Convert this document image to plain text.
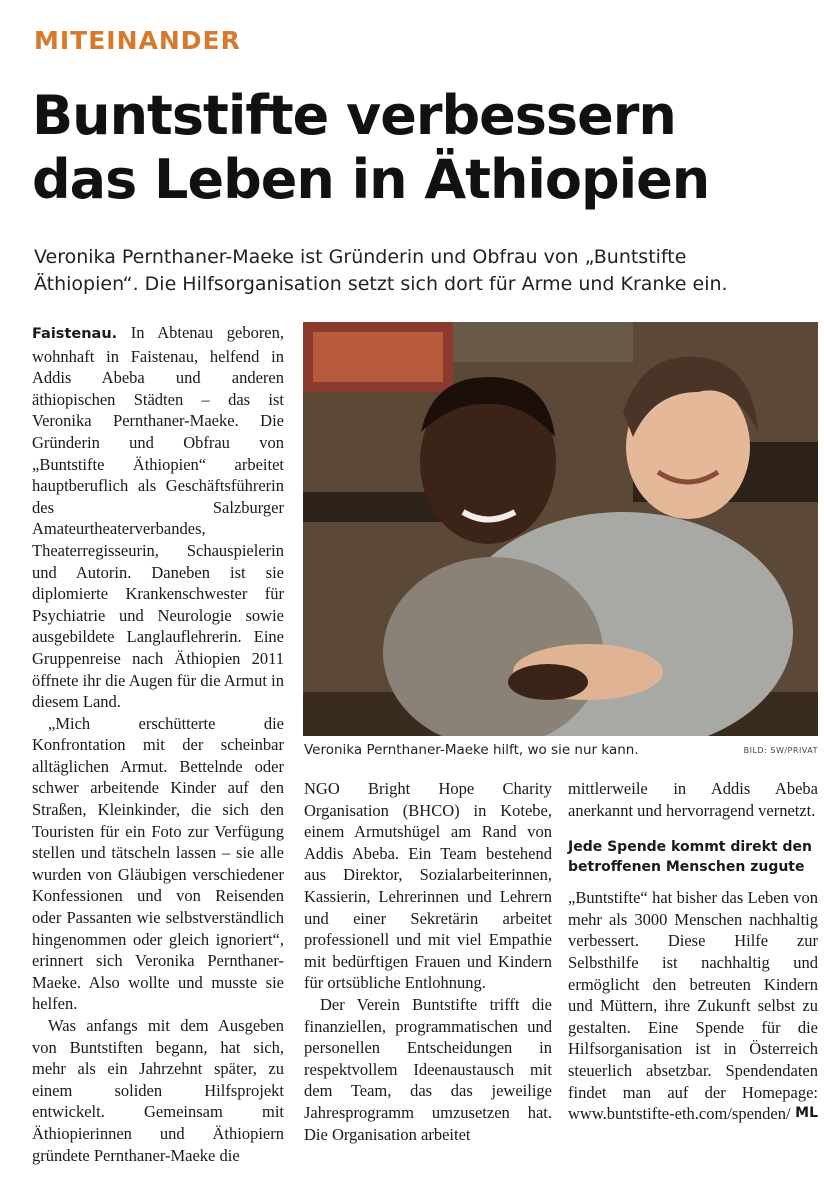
MITEINANDER
Buntstifte verbessern
das Leben in Äthiopien
Veronika Pernthaner-Maeke ist Gründerin und Obfrau von „Buntstifte
Äthiopien“. Die Hilfsorganisation setzt sich dort für Arme und Kranke ein.

Faistenau. In Abtenau geboren, wohnhaft in Faistenau, helfend in Addis Abeba und anderen äthiopischen Städten – das ist Veronika Pernthaner-Maeke. Die Gründerin und Obfrau von „Buntstifte Äthiopien“ arbeitet hauptberuflich als Geschäftsführerin des Salzburger Amateurtheaterverbandes, Theaterregisseurin, Schauspielerin und Autorin. Daneben ist sie diplomierte Krankenschwester für Psychiatrie und Neurologie sowie ausgebildete Langlauflehrerin. Eine Gruppenreise nach Äthiopien 2011 öffnete ihr die Augen für die Armut in diesem Land.

„Mich erschütterte die Konfrontation mit der scheinbar alltäglichen Armut. Bettelnde oder schwer arbeitende Kinder auf den Straßen, Kleinkinder, die sich den Touristen für ein Foto zur Verfügung stellen und tätscheln lassen – sie alle wurden von Gläubigen verschiedener Konfessionen und von Reisenden oder Passanten wie selbstverständlich hingenommen oder gleich ignoriert“, erinnert sich Veronika Pernthaner-Maeke. Also wollte und musste sie helfen.

Was anfangs mit dem Ausgeben von Buntstiften begann, hat sich, mehr als ein Jahrzehnt später, zu einem soliden Hilfsprojekt entwickelt. Gemeinsam mit Äthiopierinnen und Äthiopiern gründete Pernthaner-Maeke die

Veronika Pernthaner-Maeke hilft, wo sie nur kann.	BILD: SW/PRIVAT

NGO Bright Hope Charity Organisation (BHCO) in Kotebe, einem Armutshügel am Rand von Addis Abeba. Ein Team bestehend aus Direktor, Sozialarbeiterinnen, Kassierin, Lehrerinnen und Lehrern und einer Sekretärin arbeitet professionell und mit viel Empathie mit bedürftigen Frauen und Kindern für ortsübliche Entlohnung.

Der Verein Buntstifte trifft die finanziellen, programmatischen und personellen Entscheidungen in respektvollem Ideenaustausch mit dem Team, das das jeweilige Jahresprogramm umzusetzen hat. Die Organisation arbeitet

mittlerweile in Addis Abeba anerkannt und hervorragend vernetzt.

Jede Spende kommt direkt den betroffenen Menschen zugute

„Buntstifte“ hat bisher das Leben von mehr als 3000 Menschen nachhaltig verbessert. Diese Hilfe zur Selbsthilfe ist nachhaltig und ermöglicht den betreuten Kindern und Müttern, ihre Zukunft selbst zu gestalten. Eine Spende für die Hilfsorganisation ist in Österreich steuerlich absetzbar. Spendendaten findet man auf der Homepage: www.buntstifte-eth.com/spenden/ ML
